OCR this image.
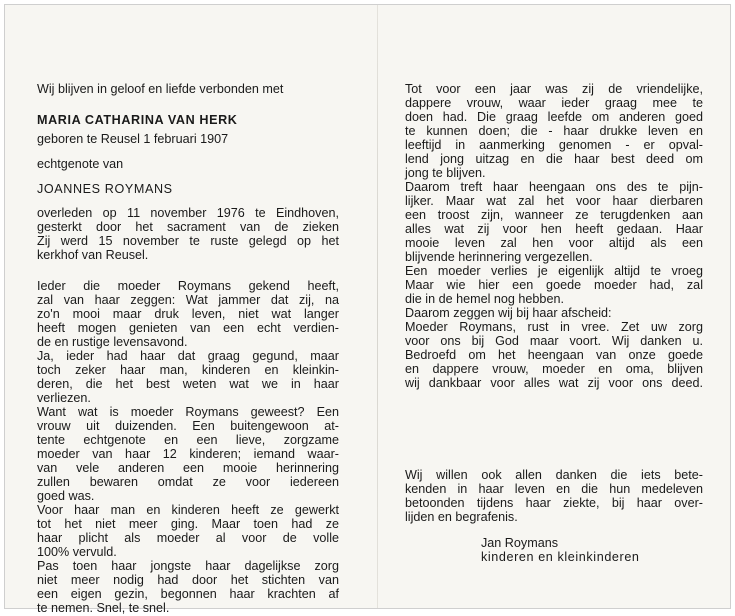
Wij blijven in geloof en liefde verbonden met
MARIA CATHARINA VAN HERK
geboren te Reusel 1 februari 1907
echtgenote van
JOANNES ROYMANS
overleden op 11 november 1976 te Eindhoven,
gesterkt door het sacrament van de zieken
Zij werd 15 november te ruste gelegd op het
kerkhof van Reusel.
Ieder die moeder Roymans gekend heeft,
zal van haar zeggen: Wat jammer dat zij, na
zo'n mooi maar druk leven, niet wat langer
heeft mogen genieten van een echt verdien-
de en rustige levensavond.
Ja, ieder had haar dat graag gegund, maar
toch zeker haar man, kinderen en kleinkin-
deren, die het best weten wat we in haar
verliezen.
Want wat is moeder Roymans geweest? Een
vrouw uit duizenden. Een buitengewoon at-
tente echtgenote en een lieve, zorgzame
moeder van haar 12 kinderen; iemand waar-
van vele anderen een mooie herinnering
zullen bewaren omdat ze voor iedereen
goed was.
Voor haar man en kinderen heeft ze gewerkt
tot het niet meer ging. Maar toen had ze
haar plicht als moeder al voor de volle
100% vervuld.
Pas toen haar jongste haar dagelijkse zorg
niet meer nodig had door het stichten van
een eigen gezin, begonnen haar krachten af
te nemen. Snel, te snel.
Tot voor een jaar was zij de vriendelijke,
dappere vrouw, waar ieder graag mee te
doen had. Die graag leefde om anderen goed
te kunnen doen; die - haar drukke leven en
leeftijd in aanmerking genomen - er opval-
lend jong uitzag en die haar best deed om
jong te blijven.
Daarom treft haar heengaan ons des te pijn-
lijker. Maar wat zal het voor haar dierbaren
een troost zijn, wanneer ze terugdenken aan
alles wat zij voor hen heeft gedaan. Haar
mooie leven zal hen voor altijd als een
blijvende herinnering vergezellen.
Een moeder verlies je eigenlijk altijd te vroeg
Maar wie hier een goede moeder had, zal
die in de hemel nog hebben.
Daarom zeggen wij bij haar afscheid:
Moeder Roymans, rust in vree. Zet uw zorg
voor ons bij God maar voort. Wij danken u.
Bedroefd om het heengaan van onze goede
en dappere vrouw, moeder en oma, blijven
wij dankbaar voor alles wat zij voor ons deed.
Wij willen ook allen danken die iets bete-
kenden in haar leven en die hun medeleven
betoonden tijdens haar ziekte, bij haar over-
lijden en begrafenis.
Jan Roymans
kinderen en kleinkinderen
